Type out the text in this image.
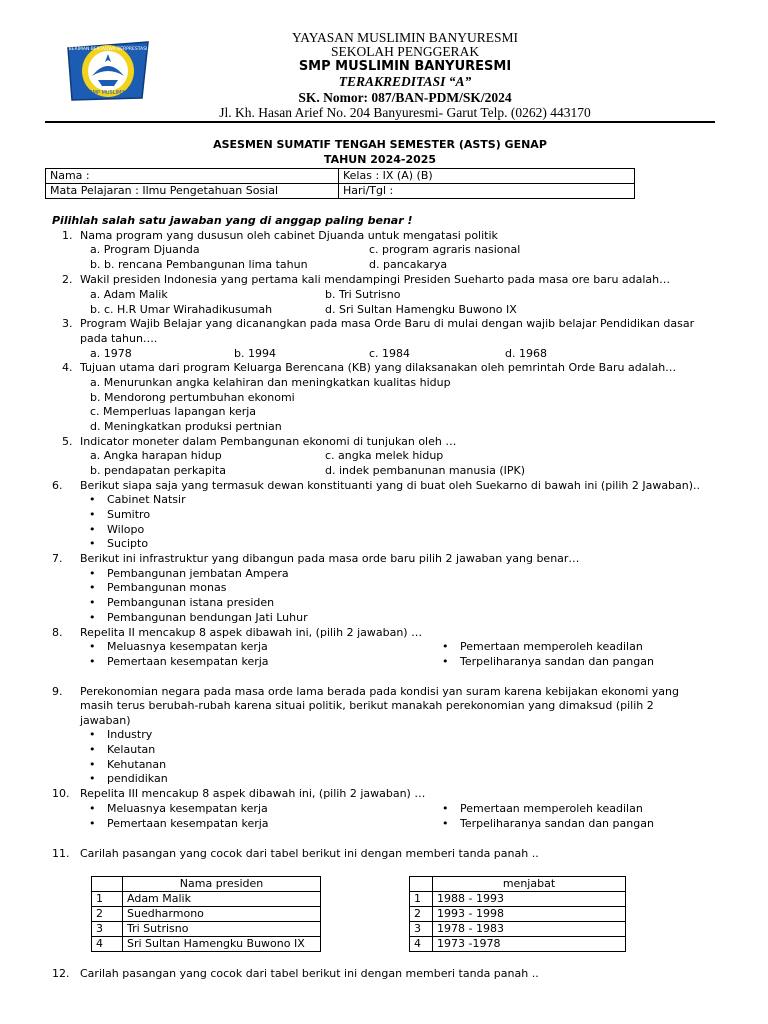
SMP MUSLIMIN
BERIMAN BERTAQWA BERPRESTASI
YAYASAN MUSLIMIN BANYURESMI
SEKOLAH PENGGERAK
SMP MUSLIMIN BANYURESMI
TERAKREDITASI “A”
SK. Nomor: 087/BAN-PDM/SK/2024
Jl. Kh. Hasan Arief No. 204 Banyuresmi- Garut Telp. (0262) 443170
ASESMEN SUMATIF TENGAH SEMESTER (ASTS) GENAP
TAHUN 2024-2025
Nama :	Kelas : IX (A) (B)
Mata Pelajaran : Ilmu Pengetahuan Sosial	Hari/Tgl :
Pilihlah salah satu jawaban yang di anggap paling benar !
1. Nama program yang dususun oleh cabinet Djuanda untuk mengatasi politik
a. Program Djuanda	c. program agraris nasional
b. b. rencana Pembangunan lima tahun	d. pancakarya
2. Wakil presiden Indonesia yang pertama kali mendampingi Presiden Sueharto pada masa ore baru adalah…
a. Adam Malik	b. Tri Sutrisno
b. c. H.R Umar Wirahadikusumah	d. Sri Sultan Hamengku Buwono IX
3. Program Wajib Belajar yang dicanangkan pada masa Orde Baru di mulai dengan wajib belajar Pendidikan dasar
pada tahun….
a. 1978	b. 1994	c. 1984	d. 1968
4. Tujuan utama dari program Keluarga Berencana (KB) yang dilaksanakan oleh pemrintah Orde Baru adalah…
a. Menurunkan angka kelahiran dan meningkatkan kualitas hidup
b. Mendorong pertumbuhan ekonomi
c. Memperluas lapangan kerja
d. Meningkatkan produksi pertnian
5. Indicator moneter dalam Pembangunan ekonomi di tunjukan oleh …
a. Angka harapan hidup	c. angka melek hidup
b. pendapatan perkapita	d. indek pembanunan manusia (IPK)
6. Berikut siapa saja yang termasuk dewan konstituanti yang di buat oleh Suekarno di bawah ini (pilih 2 Jawaban)..
• Cabinet Natsir
• Sumitro
• Wilopo
• Sucipto
7. Berikut ini infrastruktur yang dibangun pada masa orde baru pilih 2 jawaban yang benar…
• Pembangunan jembatan Ampera
• Pembangunan monas
• Pembangunan istana presiden
• Pembangunan bendungan Jati Luhur
8. Repelita II mencakup 8 aspek dibawah ini, (pilih 2 jawaban) …
• Meluasnya kesempatan kerja
• Pemertaan kesempatan kerja
• Pemertaan memperoleh keadilan
• Terpeliharanya sandan dan pangan
9. Perekonomian negara pada masa orde lama berada pada kondisi yan suram karena kebijakan ekonomi yang
masih terus berubah-rubah karena situai politik, berikut manakah perekonomian yang dimaksud (pilih 2
jawaban)
• Industry
• Kelautan
• Kehutanan
• pendidikan
10. Repelita III mencakup 8 aspek dibawah ini, (pilih 2 jawaban) …
• Meluasnya kesempatan kerja
• Pemertaan kesempatan kerja
• Pemertaan memperoleh keadilan
• Terpeliharanya sandan dan pangan
11. Carilah pasangan yang cocok dari tabel berikut ini dengan memberi tanda panah ..
	Nama presiden
1	Adam Malik
2	Suedharmono
3	Tri Sutrisno
4	Sri Sultan Hamengku Buwono IX
	menjabat
1	1988 - 1993
2	1993 - 1998
3	1978 - 1983
4	1973 -1978
12. Carilah pasangan yang cocok dari tabel berikut ini dengan memberi tanda panah ..
